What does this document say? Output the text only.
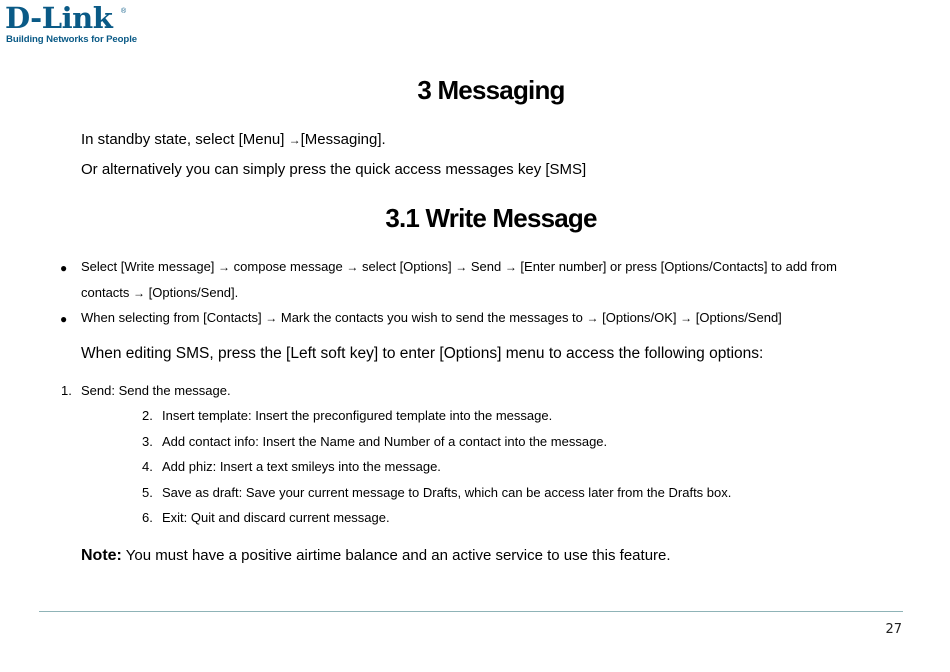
D-Link ®
Building Networks for People
3 Messaging
In standby state, select [Menu] →[Messaging].
Or alternatively you can simply press the quick access messages key [SMS]
3.1 Write Message
● Select [Write message] → compose message → select [Options] → Send → [Enter number] or press [Options/Contacts] to add from
contacts → [Options/Send].
● When selecting from [Contacts] → Mark the contacts you wish to send the messages to → [Options/OK] → [Options/Send]
When editing SMS, press the [Left soft key] to enter [Options] menu to access the following options:
1. Send: Send the message.
2. Insert template: Insert the preconfigured template into the message.
3. Add contact info: Insert the Name and Number of a contact into the message.
4. Add phiz: Insert a text smileys into the message.
5. Save as draft: Save your current message to Drafts, which can be access later from the Drafts box.
6. Exit: Quit and discard current message.
Note: You must have a positive airtime balance and an active service to use this feature.
27
